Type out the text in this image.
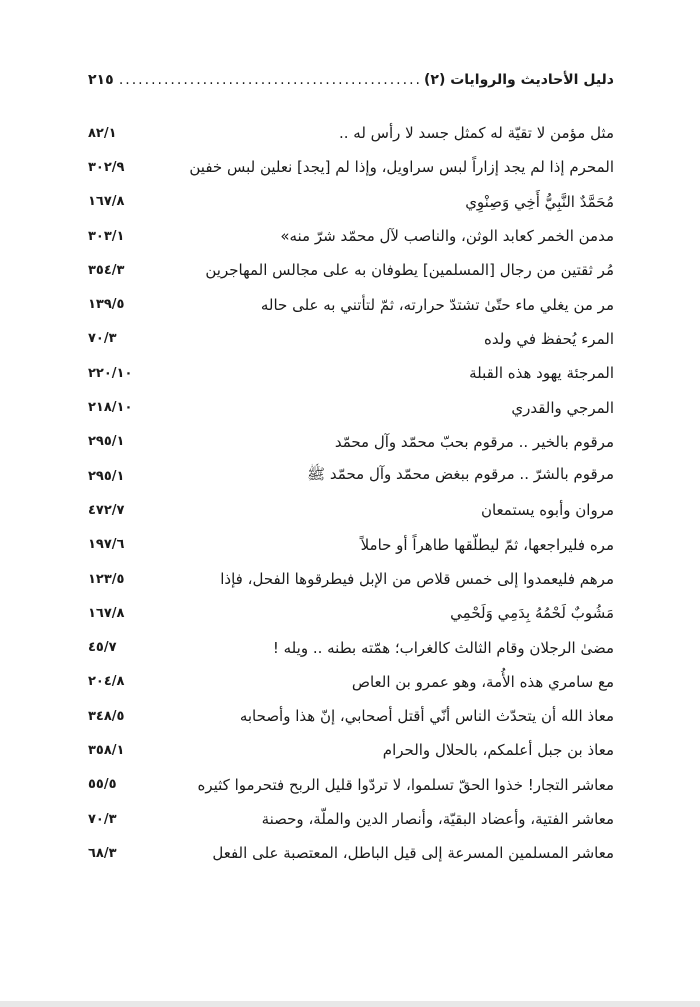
دليل الأحاديث والروايات (٢)
.....
٢١٥
مثل مؤمن لا تقيّة له كمثل جسد لا رأس له ..
٨٢/١
المحرم إذا لم يجد إزاراً لبس سراويل، وإذا لم [يجد] نعلين لبس خفين
٣٠٢/٩
مُحَمَّدٌ النَّبِيُّ أَخِي وَصِنْوِي
١٦٧/٨
مدمن الخمر كعابد الوثن، والناصب لآل محمّد شرّ منه»
٣٠٣/١
مُر ثقتين من رجال [المسلمين] يطوفان به على مجالس المهاجرين
٣٥٤/٣
مر من يغلي ماء حتّىٰ تشتدّ حرارته، ثمّ لتأتني به على حاله
١٣٩/٥
المرء يُحفظ في ولده
٧٠/٣
المرجئة يهود هذه القبلة
٢٢٠/١٠
المرجي والقدري
٢١٨/١٠
مرقوم بالخير .. مرقوم بحبّ محمّد وآل محمّد
٢٩٥/١
مرقوم بالشرّ .. مرقوم ببغض محمّد وآل محمّد ﷺ
٢٩٥/١
مروان وأبوه يستمعان
٤٧٢/٧
مره فليراجعها، ثمّ ليطلّقها طاهراً أو حاملاً
١٩٧/٦
مرهم فليعمدوا إلى خمس قلاص من الإبل فيطرقوها الفحل، فإذا
١٢٣/٥
مَشُوبٌ لَحْمُهُ بِدَمِي وَلَحْمِي
١٦٧/٨
مضىٰ الرجلان وقام الثالث كالغراب؛ همّته بطنه .. ويله !
٤٥/٧
مع سامري هذه الأُمة، وهو عمرو بن العاص
٢٠٤/٨
معاذ الله أن يتحدّث الناس أنّي أقتل أصحابي، إنّ هذا وأصحابه
٣٤٨/٥
معاذ بن جبل أعلمكم، بالحلال والحرام
٣٥٨/١
معاشر التجار! خذوا الحقّ تسلموا، لا تردّوا قليل الربح فتحرموا كثيره
٥٥/٥
معاشر الفتية، وأعضاد البقيّة، وأنصار الدين والملّة، وحصنة
٧٠/٣
معاشر المسلمين المسرعة إلى قيل الباطل، المعتصبة على الفعل
٦٨/٣
